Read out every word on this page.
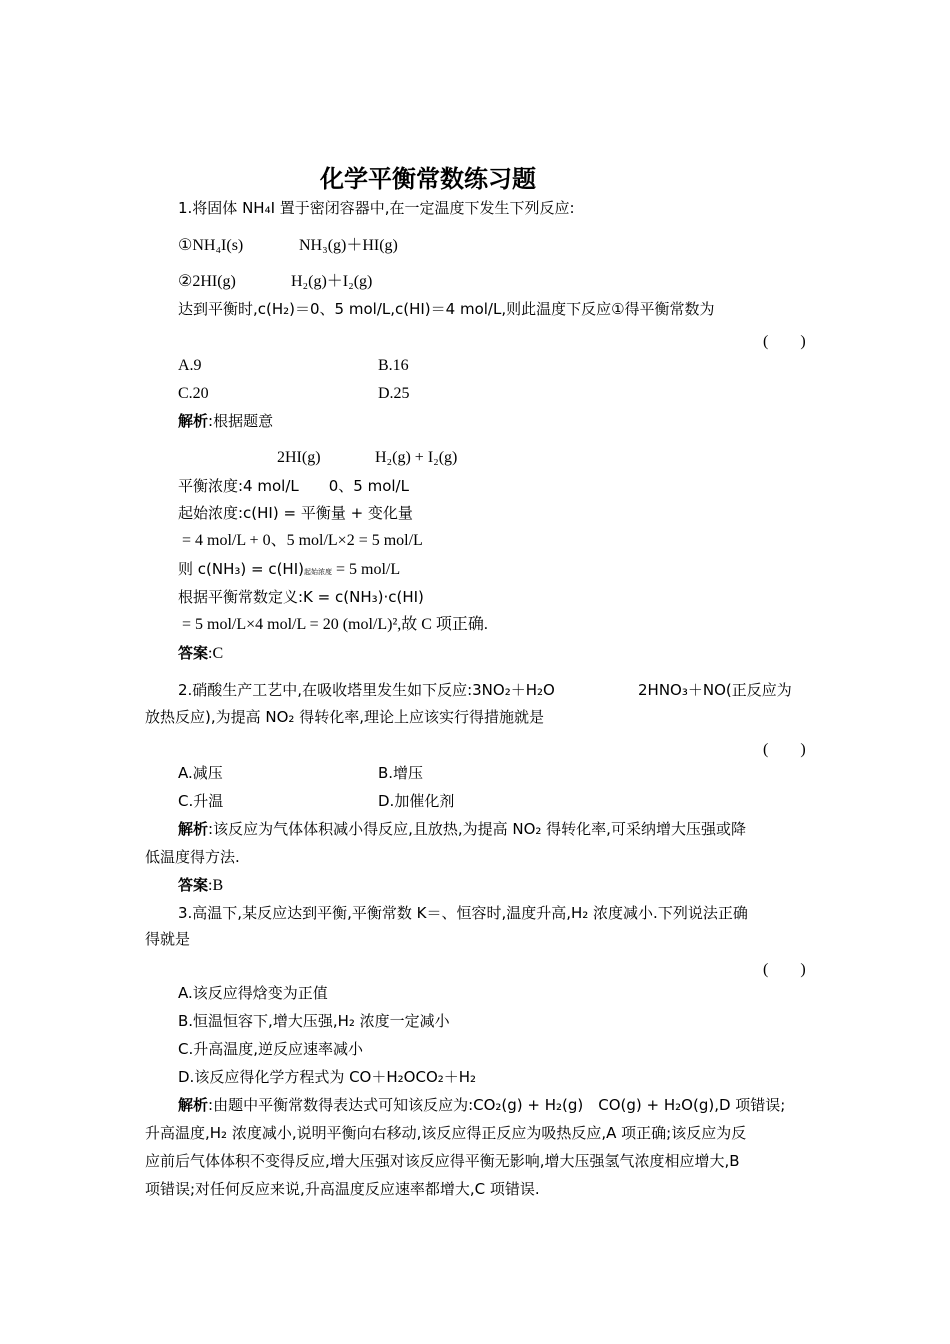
化学平衡常数练习题
1.将固体 NH₄I 置于密闭容器中,在一定温度下发生下列反应:
①NH₄I(s)	NH₃(g)＋HI(g)
②2HI(g)	H₂(g)＋I₂(g)
达到平衡时,c(H₂)＝0、5 mol/L,c(HI)＝4 mol/L,则此温度下反应①得平衡常数为
(　　)
A.9	B.16
C.20	D.25
解析:根据题意
2HI(g)	H₂(g) + I₂(g)
平衡浓度:4 mol/L　　0、5 mol/L
起始浓度:c(HI) = 平衡量 + 变化量
= 4 mol/L + 0、5 mol/L×2 = 5 mol/L
则 c(NH₃) = c(HI)起始浓度 = 5 mol/L
根据平衡常数定义:K = c(NH₃)·c(HI)
= 5 mol/L×4 mol/L = 20 (mol/L)²,故 C 项正确.
答案:C
2.硝酸生产工艺中,在吸收塔里发生如下反应:3NO₂＋H₂O	2HNO₃＋NO(正反应为
放热反应),为提高 NO₂ 得转化率,理论上应该实行得措施就是
(　　)
A.减压	B.增压
C.升温	D.加催化剂
解析:该反应为气体体积减小得反应,且放热,为提高 NO₂ 得转化率,可采纳增大压强或降
低温度得方法.
答案:B
3.高温下,某反应达到平衡,平衡常数 K＝、恒容时,温度升高,H₂ 浓度减小.下列说法正确
得就是
(　　)
A.该反应得焓变为正值
B.恒温恒容下,增大压强,H₂ 浓度一定减小
C.升高温度,逆反应速率减小
D.该反应得化学方程式为 CO＋H₂OCO₂＋H₂
解析:由题中平衡常数得表达式可知该反应为:CO₂(g) + H₂(g)　CO(g) + H₂O(g),D 项错误;
升高温度,H₂ 浓度减小,说明平衡向右移动,该反应得正反应为吸热反应,A 项正确;该反应为反
应前后气体体积不变得反应,增大压强对该反应得平衡无影响,增大压强氢气浓度相应增大,B
项错误;对任何反应来说,升高温度反应速率都增大,C 项错误.
